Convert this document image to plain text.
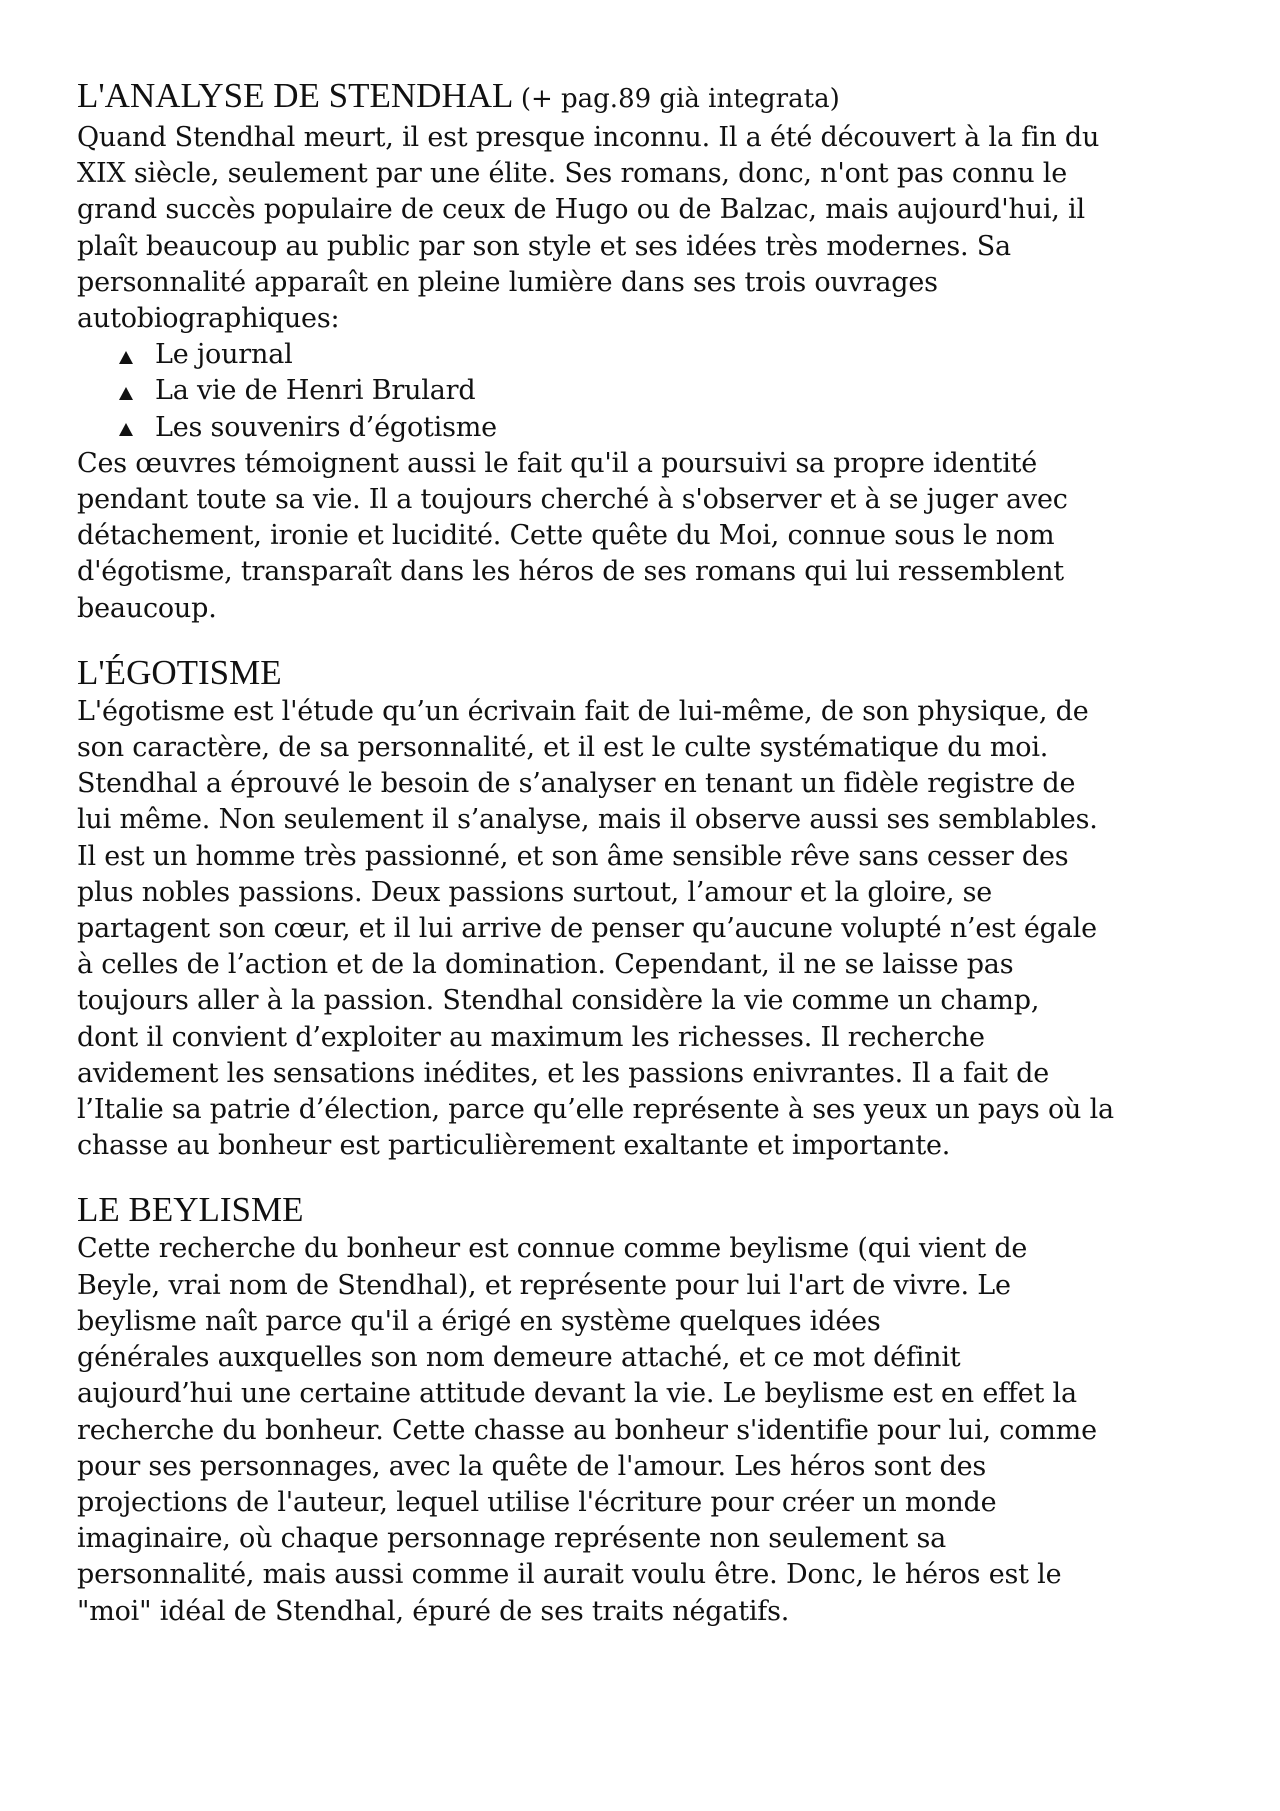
L'ANALYSE DE STENDHAL (+ pag.89 già integrata)

Quand Stendhal meurt, il est presque inconnu. Il a été découvert à la fin du
XIX siècle, seulement par une élite. Ses romans, donc, n'ont pas connu le
grand succès populaire de ceux de Hugo ou de Balzac, mais aujourd'hui, il
plaît beaucoup au public par son style et ses idées très modernes. Sa
personnalité apparaît en pleine lumière dans ses trois ouvrages
autobiographiques:

Le journal
La vie de Henri Brulard
Les souvenirs d’égotisme

Ces œuvres témoignent aussi le fait qu'il a poursuivi sa propre identité
pendant toute sa vie. Il a toujours cherché à s'observer et à se juger avec
détachement, ironie et lucidité. Cette quête du Moi, connue sous le nom
d'égotisme, transparaît dans les héros de ses romans qui lui ressemblent
beaucoup.

L'ÉGOTISME

L'égotisme est l'étude qu’un écrivain fait de lui-même, de son physique, de
son caractère, de sa personnalité, et il est le culte systématique du moi.
Stendhal a éprouvé le besoin de s’analyser en tenant un fidèle registre de
lui même. Non seulement il s’analyse, mais il observe aussi ses semblables.
Il est un homme très passionné, et son âme sensible rêve sans cesser des
plus nobles passions. Deux passions surtout, l’amour et la gloire, se
partagent son cœur, et il lui arrive de penser qu’aucune volupté n’est égale
à celles de l’action et de la domination. Cependant, il ne se laisse pas
toujours aller à la passion. Stendhal considère la vie comme un champ,
dont il convient d’exploiter au maximum les richesses. Il recherche
avidement les sensations inédites, et les passions enivrantes. Il a fait de
l’Italie sa patrie d’élection, parce qu’elle représente à ses yeux un pays où la
chasse au bonheur est particulièrement exaltante et importante.

LE BEYLISME

Cette recherche du bonheur est connue comme beylisme (qui vient de
Beyle, vrai nom de Stendhal), et représente pour lui l'art de vivre. Le
beylisme naît parce qu'il a érigé en système quelques idées
générales auxquelles son nom demeure attaché, et ce mot définit
aujourd’hui une certaine attitude devant la vie. Le beylisme est en effet la
recherche du bonheur. Cette chasse au bonheur s'identifie pour lui, comme
pour ses personnages, avec la quête de l'amour. Les héros sont des
projections de l'auteur, lequel utilise l'écriture pour créer un monde
imaginaire, où chaque personnage représente non seulement sa
personnalité, mais aussi comme il aurait voulu être. Donc, le héros est le
"moi" idéal de Stendhal, épuré de ses traits négatifs.
